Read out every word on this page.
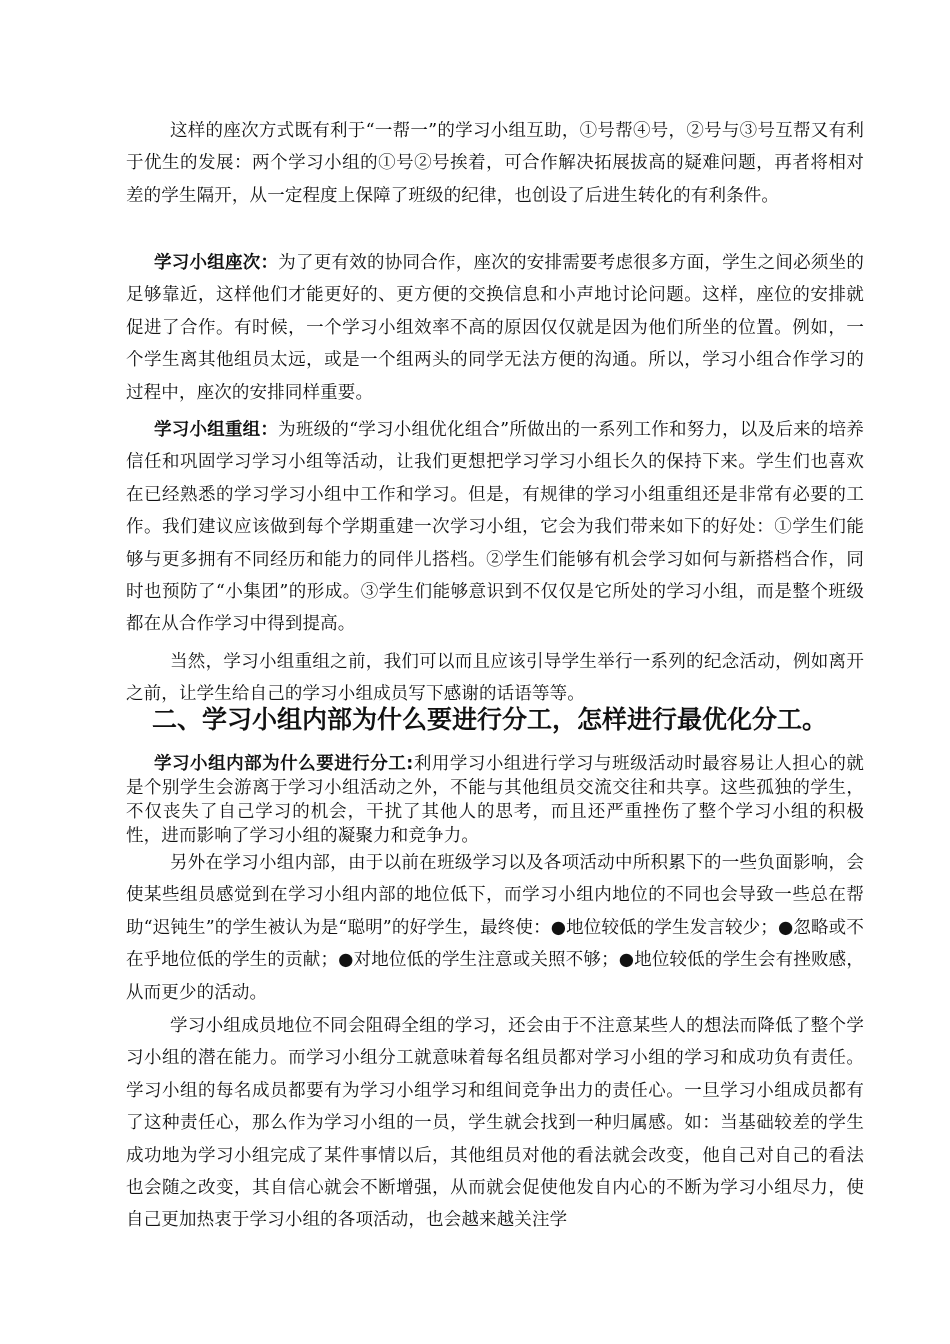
这样的座次方式既有利于“一帮一”的学习小组互助，①号帮④号，②号与③号互帮又有利于优生的发展：两个学习小组的①号②号挨着，可合作解决拓展拔高的疑难问题，再者将相对差的学生隔开，从一定程度上保障了班级的纪律，也创设了后进生转化的有利条件。

学习小组座次：为了更有效的协同合作，座次的安排需要考虑很多方面，学生之间必须坐的足够靠近，这样他们才能更好的、更方便的交换信息和小声地讨论问题。这样，座位的安排就促进了合作。有时候，一个学习小组效率不高的原因仅仅就是因为他们所坐的位置。例如，一个学生离其他组员太远，或是一个组两头的同学无法方便的沟通。所以，学习小组合作学习的过程中，座次的安排同样重要。

学习小组重组：为班级的“学习小组优化组合”所做出的一系列工作和努力，以及后来的培养信任和巩固学习学习小组等活动，让我们更想把学习学习小组长久的保持下来。学生们也喜欢在已经熟悉的学习学习小组中工作和学习。但是，有规律的学习小组重组还是非常有必要的工作。我们建议应该做到每个学期重建一次学习小组，它会为我们带来如下的好处：①学生们能够与更多拥有不同经历和能力的同伴儿搭档。②学生们能够有机会学习如何与新搭档合作，同时也预防了“小集团”的形成。③学生们能够意识到不仅仅是它所处的学习小组，而是整个班级都在从合作学习中得到提高。

当然，学习小组重组之前，我们可以而且应该引导学生举行一系列的纪念活动，例如离开之前，让学生给自己的学习小组成员写下感谢的话语等等。

二、学习小组内部为什么要进行分工，怎样进行最优化分工。

学习小组内部为什么要进行分工:利用学习小组进行学习与班级活动时最容易让人担心的就是个别学生会游离于学习小组活动之外，不能与其他组员交流交往和共享。这些孤独的学生，不仅丧失了自己学习的机会，干扰了其他人的思考，而且还严重挫伤了整个学习小组的积极性，进而影响了学习小组的凝聚力和竞争力。

另外在学习小组内部，由于以前在班级学习以及各项活动中所积累下的一些负面影响，会使某些组员感觉到在学习小组内部的地位低下，而学习小组内地位的不同也会导致一些总在帮助“迟钝生”的学生被认为是“聪明”的好学生，最终使：●地位较低的学生发言较少；●忽略或不在乎地位低的学生的贡献；●对地位低的学生注意或关照不够；●地位较低的学生会有挫败感，从而更少的活动。

学习小组成员地位不同会阻碍全组的学习，还会由于不注意某些人的想法而降低了整个学习小组的潜在能力。而学习小组分工就意味着每名组员都对学习小组的学习和成功负有责任。学习小组的每名成员都要有为学习小组学习和组间竞争出力的责任心。一旦学习小组成员都有了这种责任心，那么作为学习小组的一员，学生就会找到一种归属感。如：当基础较差的学生成功地为学习小组完成了某件事情以后，其他组员对他的看法就会改变，他自己对自己的看法也会随之改变，其自信心就会不断增强，从而就会促使他发自内心的不断为学习小组尽力，使自己更加热衷于学习小组的各项活动，也会越来越关注学
